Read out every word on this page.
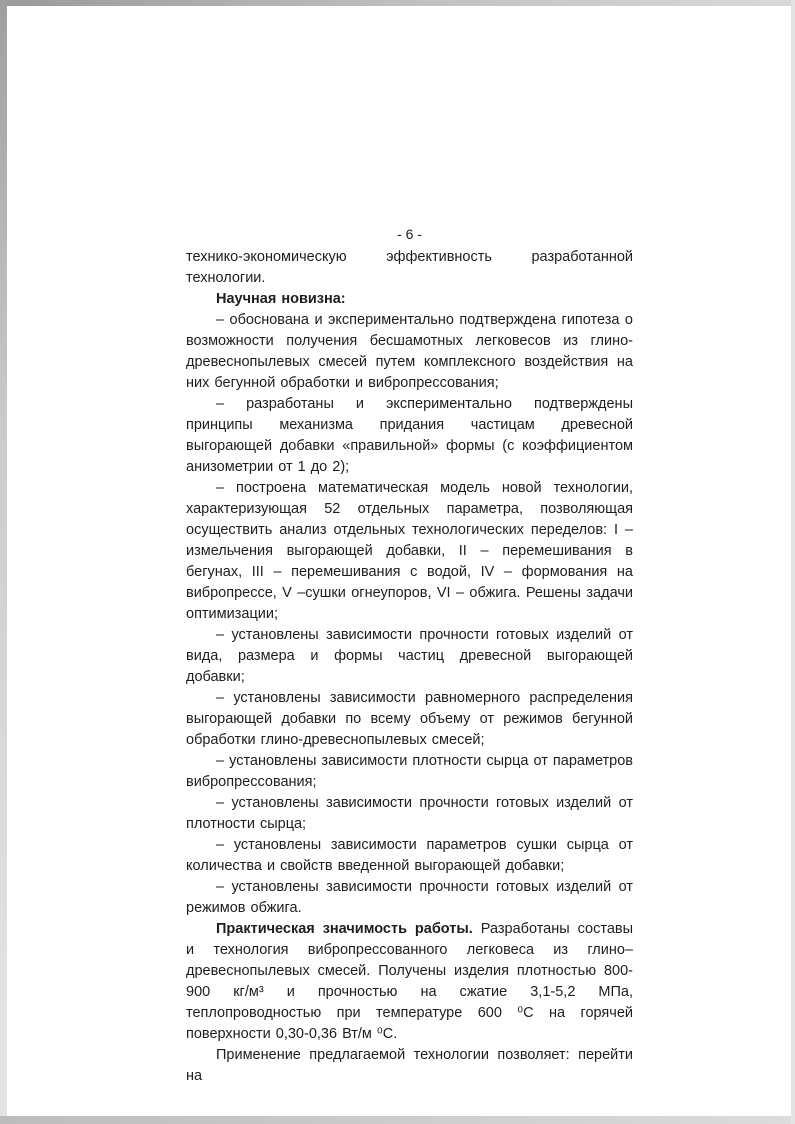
- 6 -

технико-экономическую эффективность разработанной технологии.

Научная новизна:

– обоснована и экспериментально подтверждена гипотеза о возможности получения бесшамотных легковесов из глино-древеснопылевых смесей путем комплексного воздействия на них бегунной обработки и вибропрессования;

– разработаны и экспериментально подтверждены принципы механизма придания частицам древесной выгорающей добавки «правильной» формы (с коэффициентом анизометрии от 1 до 2);

– построена математическая модель новой технологии, характеризующая 52 отдельных параметра, позволяющая осуществить анализ отдельных технологических переделов: I – измельчения выгорающей добавки, II – перемешивания в бегунах, III – перемешивания с водой, IV – формования на вибропрессе, V –сушки огнеупоров, VI – обжига. Решены задачи оптимизации;

– установлены зависимости прочности готовых изделий от вида, размера и формы частиц древесной выгорающей добавки;

– установлены зависимости равномерного распределения выгорающей добавки по всему объему от режимов бегунной обработки глино-древеснопылевых смесей;

– установлены зависимости плотности сырца от параметров вибропрессования;

– установлены зависимости прочности готовых изделий от плотности сырца;

– установлены зависимости параметров сушки сырца от количества и свойств введенной выгорающей добавки;

– установлены зависимости прочности готовых изделий от режимов обжига.

Практическая значимость работы. Разработаны составы и технология вибропрессованного легковеса из глино–древеснопылевых смесей. Получены изделия плотностью 800-900 кг/м³ и прочностью на сжатие 3,1-5,2 МПа, теплопроводностью при температуре 600 ⁰С на горячей поверхности 0,30-0,36 Вт/м ⁰С.

Применение предлагаемой технологии позволяет: перейти на
